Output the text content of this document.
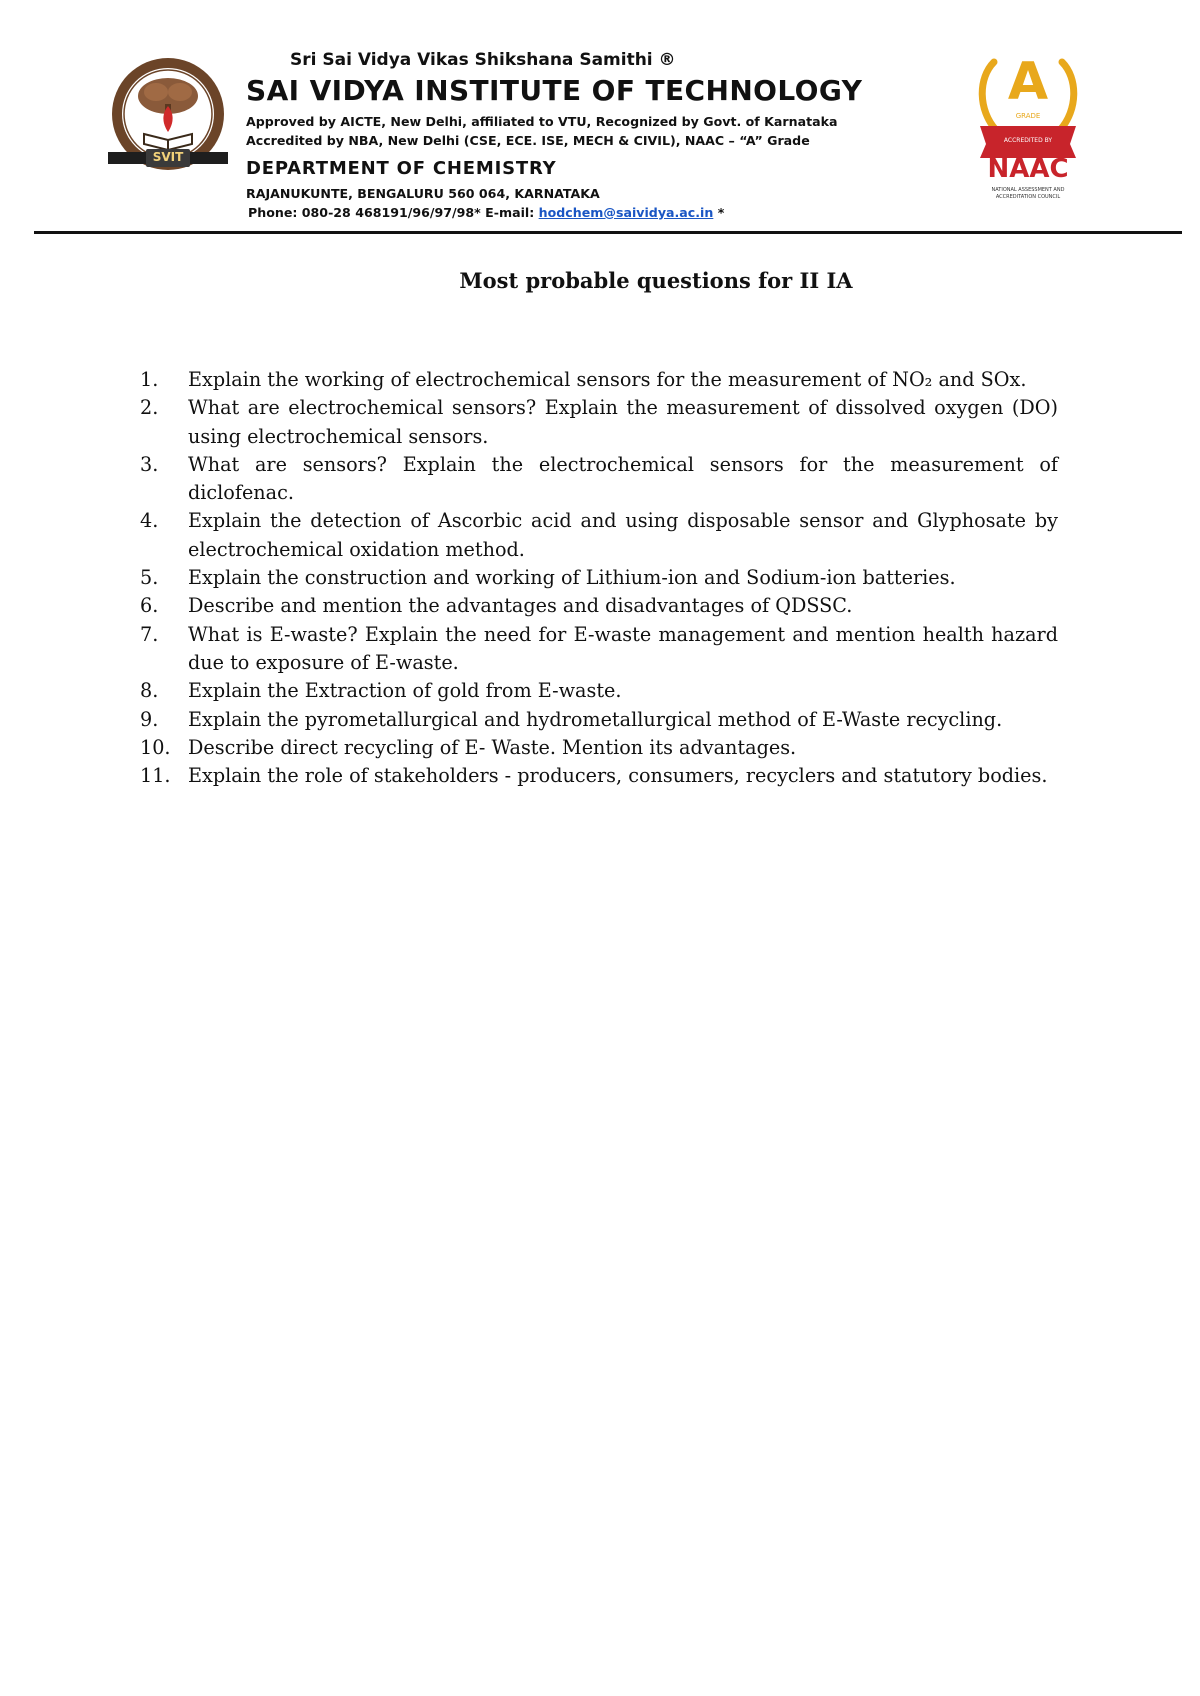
SVIT
Sri Sai Vidya Vikas Shikshana Samithi ®
SAI VIDYA INSTITUTE OF TECHNOLOGY
Approved by AICTE, New Delhi, affiliated to VTU, Recognized by Govt. of Karnataka
Accredited by NBA, New Delhi (CSE, ECE. ISE, MECH & CIVIL), NAAC – “A” Grade
DEPARTMENT OF CHEMISTRY
RAJANUKUNTE, BENGALURU 560 064, KARNATAKA
Phone: 080-28 468191/96/97/98* E-mail: hodchem@saividya.ac.in *
A
GRADE
ACCREDITED BY
NAAC
NATIONAL ASSESSMENT AND
ACCREDITATION COUNCIL
Most probable questions for II IA
1.	Explain the working of electrochemical sensors for the measurement of NO₂ and SOx.
2.	What are electrochemical sensors? Explain the measurement of dissolved oxygen (DO) using electrochemical sensors.
3.	What are sensors? Explain the electrochemical sensors for the measurement of diclofenac.
4.	Explain the detection of Ascorbic acid and using disposable sensor and Glyphosate by electrochemical oxidation method.
5.	Explain the construction and working of Lithium-ion and Sodium-ion batteries.
6.	Describe and mention the advantages and disadvantages of QDSSC.
7.	What is E-waste? Explain the need for E-waste management and mention health hazard due to exposure of E-waste.
8.	Explain the Extraction of gold from E-waste.
9.	Explain the pyrometallurgical and hydrometallurgical method of E-Waste recycling.
10. Describe direct recycling of E- Waste. Mention its advantages.
11. Explain the role of stakeholders - producers, consumers, recyclers and statutory bodies.
